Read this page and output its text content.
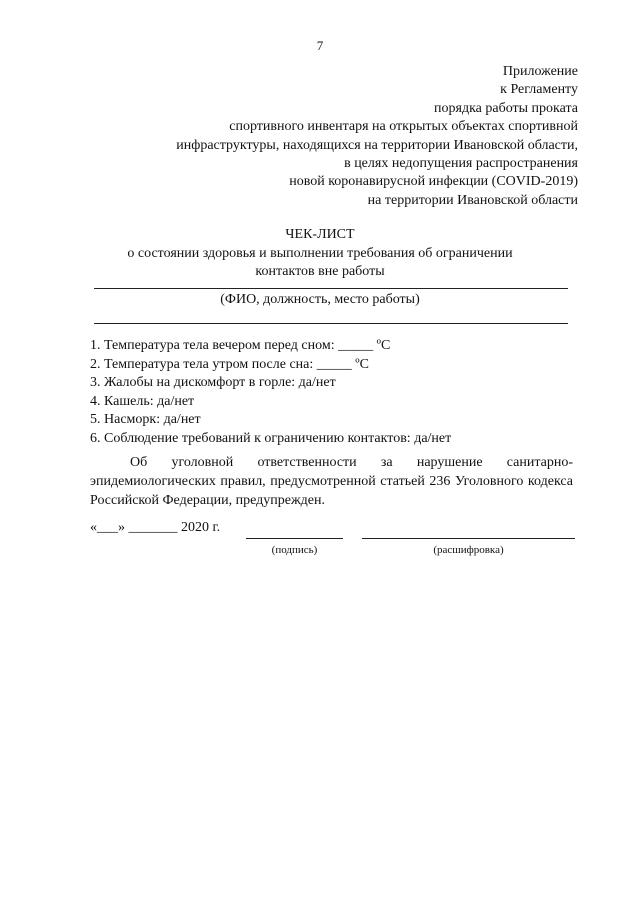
7
Приложение
к Регламенту
порядка работы проката
спортивного инвентаря на открытых объектах спортивной
инфраструктуры, находящихся на территории Ивановской области,
в целях недопущения распространения
новой коронавирусной инфекции (COVID-2019)
на территории Ивановской области
ЧЕК-ЛИСТ
о состоянии здоровья и выполнении требования об ограничении
контактов вне работы
(ФИО, должность, место работы)
1. Температура тела вечером перед сном: _____ ºС
2. Температура тела утром после сна: _____ ºС
3. Жалобы на дискомфорт в горле: да/нет
4. Кашель: да/нет
5. Насморк: да/нет
6. Соблюдение требований к ограничению контактов: да/нет
Об уголовной ответственности за нарушение санитарно-эпидемиологических правил, предусмотренной статьей 236 Уголовного кодекса Российской Федерации, предупрежден.
«___» _______ 2020 г.
(подпись)	(расшифровка)
